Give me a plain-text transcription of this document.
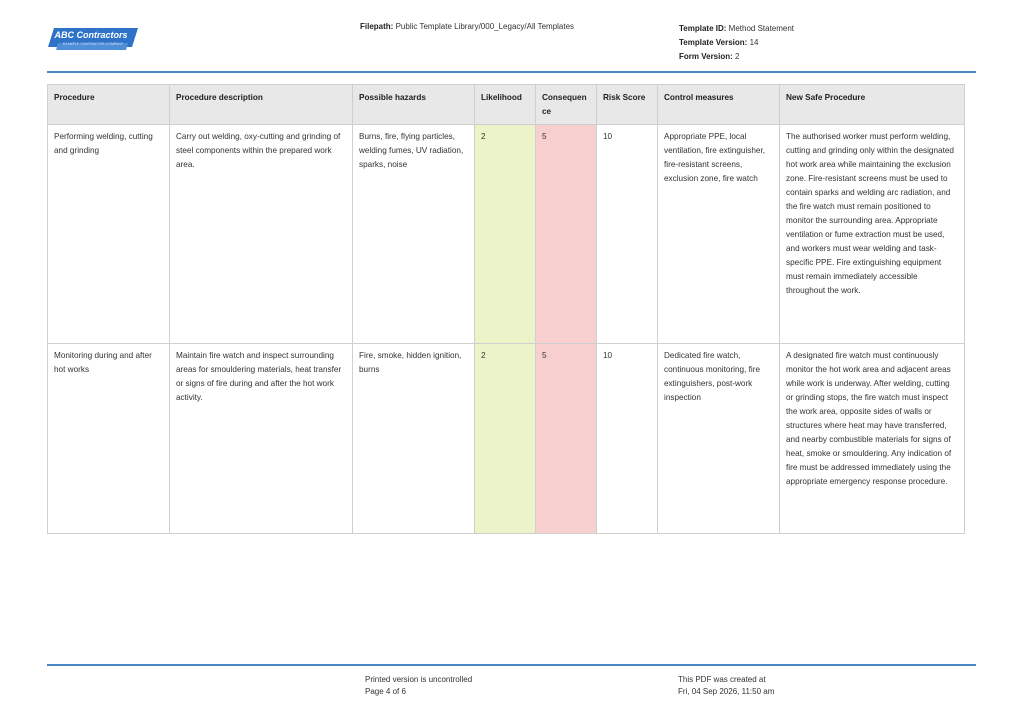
ABC Contractors
EXAMPLE CONTRACTOR COMPANY
Filepath: Public Template Library/000_Legacy/All Templates	Template ID: Method Statement
Template Version: 14
Form Version: 2
Procedure	Procedure description	Possible hazards	Likelihood	Consequence	Risk Score	Control measures	New Safe Procedure
Performing welding, cutting and grinding	Carry out welding, oxy-cutting and grinding of steel components within the prepared work area.	Burns, fire, flying particles, welding fumes, UV radiation, sparks, noise	2	5	10	Appropriate PPE, local ventilation, fire extinguisher, fire-resistant screens, exclusion zone, fire watch	The authorised worker must perform welding, cutting and grinding only within the designated hot work area while maintaining the exclusion zone. Fire-resistant screens must be used to contain sparks and welding arc radiation, and the fire watch must remain positioned to monitor the surrounding area. Appropriate ventilation or fume extraction must be used, and workers must wear welding and task-specific PPE. Fire extinguishing equipment must remain immediately accessible throughout the work.
Monitoring during and after hot works	Maintain fire watch and inspect surrounding areas for smouldering materials, heat transfer or signs of fire during and after the hot work activity.	Fire, smoke, hidden ignition, burns	2	5	10	Dedicated fire watch, continuous monitoring, fire extinguishers, post-work inspection	A designated fire watch must continuously monitor the hot work area and adjacent areas while work is underway. After welding, cutting or grinding stops, the fire watch must inspect the work area, opposite sides of walls or structures where heat may have transferred, and nearby combustible materials for signs of heat, smoke or smouldering. Any indication of fire must be addressed immediately using the appropriate emergency response procedure.
Printed version is uncontrolled
Page 4 of 6
This PDF was created at
Fri, 04 Sep 2026, 11:50 am
